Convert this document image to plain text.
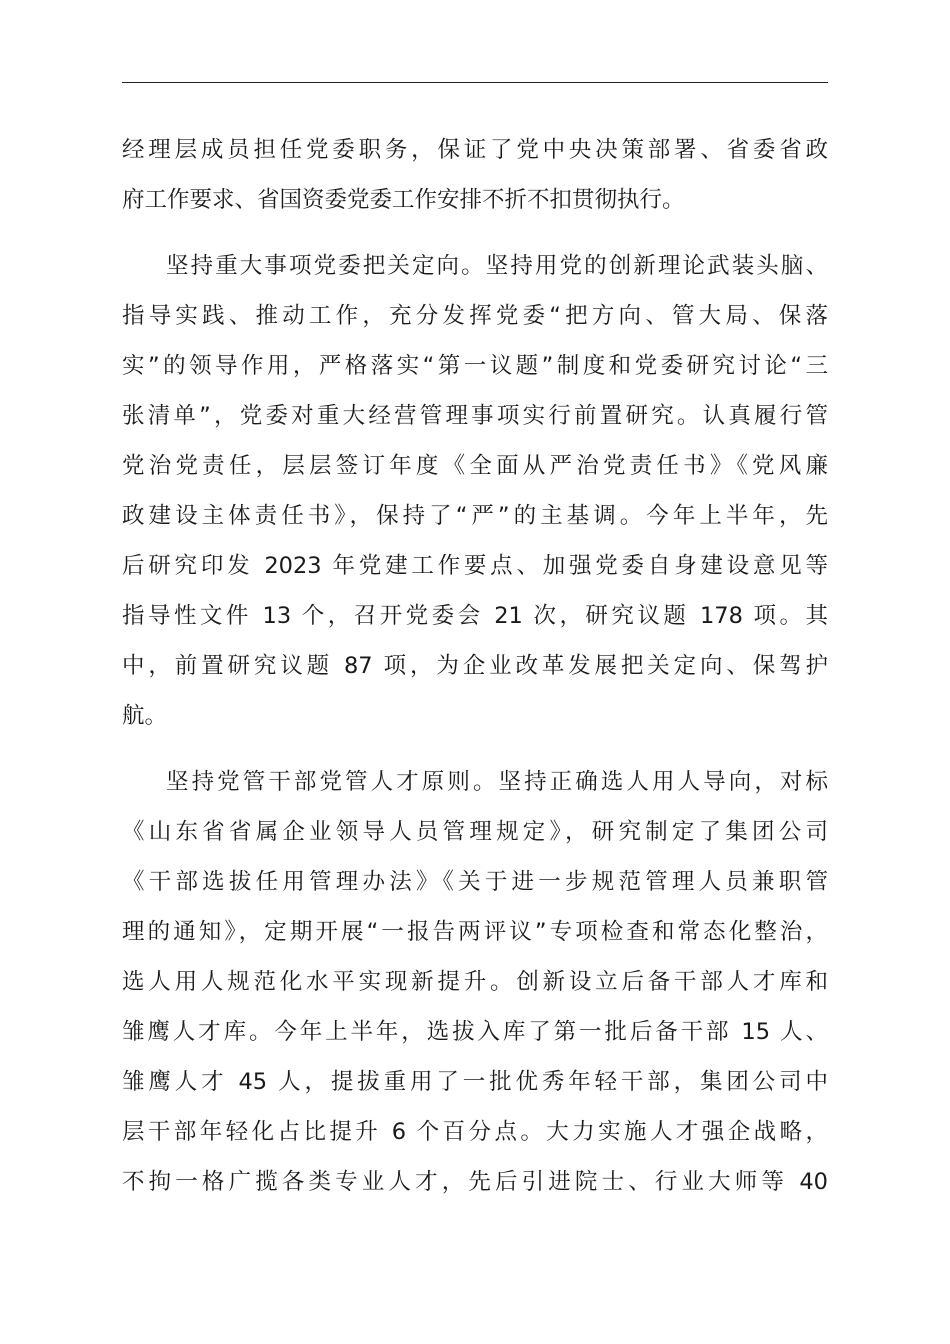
经理层成员担任党委职务，保证了党中央决策部署、省委省政
府工作要求、省国资委党委工作安排不折不扣贯彻执行。
坚持重大事项党委把关定向。坚持用党的创新理论武装头脑、
指导实践、推动工作，充分发挥党委“把方向、管大局、保落
实”的领导作用，严格落实“第一议题”制度和党委研究讨论“三
张清单”，党委对重大经营管理事项实行前置研究。认真履行管
党治党责任，层层签订年度《全面从严治党责任书》《党风廉
政建设主体责任书》，保持了“严”的主基调。今年上半年，先
后研究印发 2023 年党建工作要点、加强党委自身建设意见等
指导性文件 13 个，召开党委会 21 次，研究议题 178 项。其
中，前置研究议题 87 项，为企业改革发展把关定向、保驾护
航。
坚持党管干部党管人才原则。坚持正确选人用人导向，对标
《山东省省属企业领导人员管理规定》，研究制定了集团公司
《干部选拔任用管理办法》《关于进一步规范管理人员兼职管
理的通知》，定期开展“一报告两评议”专项检查和常态化整治，
选人用人规范化水平实现新提升。创新设立后备干部人才库和
雏鹰人才库。今年上半年，选拔入库了第一批后备干部 15 人、
雏鹰人才 45 人，提拔重用了一批优秀年轻干部，集团公司中
层干部年轻化占比提升 6 个百分点。大力实施人才强企战略，
不拘一格广揽各类专业人才，先后引进院士、行业大师等 40
